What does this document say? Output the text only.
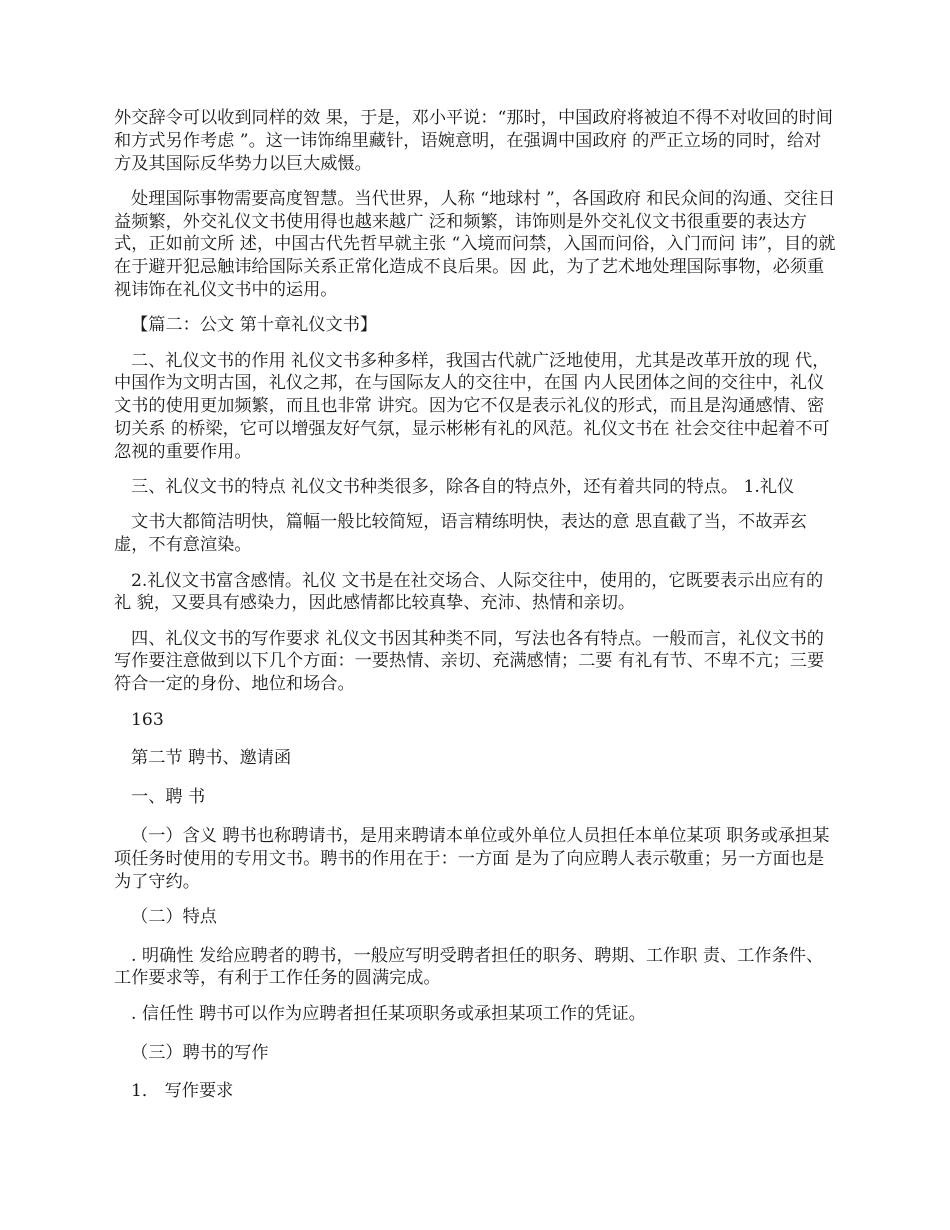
外交辞令可以收到同样的效 果，于是，邓小平说：“那时，中国政府将被迫不得不对收回的时间 和方式另作考虑 ”。这一讳饰绵里藏针，语婉意明，在强调中国政府 的严正立场的同时，给对方及其国际反华势力以巨大威慑。

处理国际事物需要高度智慧。当代世界，人称 “地球村 ”，各国政府 和民众间的沟通、交往日益频繁，外交礼仪文书使用得也越来越广 泛和频繁，讳饰则是外交礼仪文书很重要的表达方式，正如前文所 述，中国古代先哲早就主张 “入境而问禁，入国而问俗，入门而问 讳”，目的就在于避开犯忌触讳给国际关系正常化造成不良后果。因 此，为了艺术地处理国际事物，必须重视讳饰在礼仪文书中的运用。

【篇二：公文 第十章礼仪文书】

二、礼仪文书的作用 礼仪文书多种多样，我国古代就广泛地使用，尤其是改革开放的现 代，中国作为文明古国，礼仪之邦，在与国际友人的交往中，在国 内人民团体之间的交往中，礼仪文书的使用更加频繁，而且也非常 讲究。因为它不仅是表示礼仪的形式，而且是沟通感情、密切关系 的桥梁，它可以增强友好气氛，显示彬彬有礼的风范。礼仪文书在 社会交往中起着不可忽视的重要作用。

三、礼仪文书的特点 礼仪文书种类很多，除各自的特点外，还有着共同的特点。 1.礼仪

文书大都简洁明快，篇幅一般比较简短，语言精练明快，表达的意 思直截了当，不故弄玄虚，不有意渲染。

2.礼仪文书富含感情。礼仪 文书是在社交场合、人际交往中，使用的，它既要表示出应有的礼 貌，又要具有感染力，因此感情都比较真挚、充沛、热情和亲切。

四、礼仪文书的写作要求 礼仪文书因其种类不同，写法也各有特点。一般而言，礼仪文书的 写作要注意做到以下几个方面：一要热情、亲切、充满感情；二要 有礼有节、不卑不亢；三要符合一定的身份、地位和场合。

163

第二节 聘书、邀请函

一、聘 书

（一）含义 聘书也称聘请书，是用来聘请本单位或外单位人员担任本单位某项 职务或承担某项任务时使用的专用文书。聘书的作用在于：一方面 是为了向应聘人表示敬重；另一方面也是为了守约。

（二）特点

. 明确性 发给应聘者的聘书，一般应写明受聘者担任的职务、聘期、工作职 责、工作条件、工作要求等，有利于工作任务的圆满完成。

. 信任性 聘书可以作为应聘者担任某项职务或承担某项工作的凭证。

（三）聘书的写作

1． 写作要求
